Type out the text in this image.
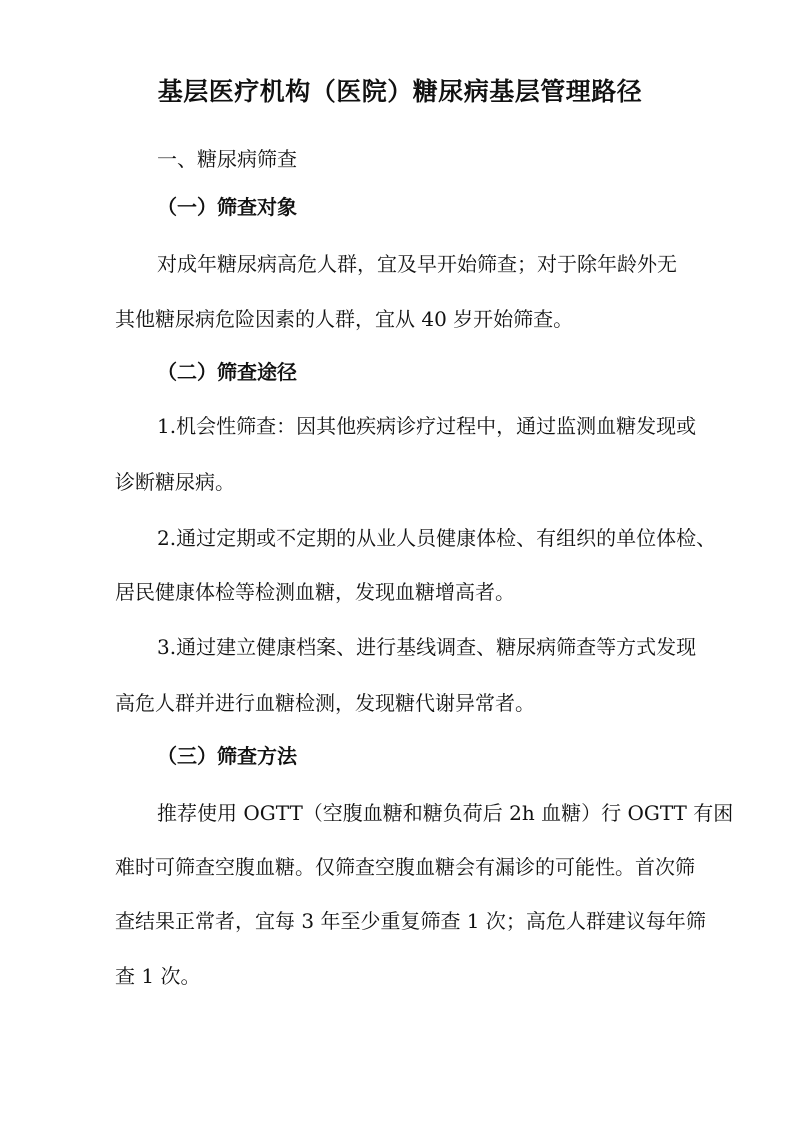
基层医疗机构（医院）糖尿病基层管理路径
一、糖尿病筛查
（一）筛查对象
对成年糖尿病高危人群，宜及早开始筛查；对于除年龄外无
其他糖尿病危险因素的人群，宜从 40 岁开始筛查。
（二）筛查途径
1.机会性筛查：因其他疾病诊疗过程中，通过监测血糖发现或
诊断糖尿病。
2.通过定期或不定期的从业人员健康体检、有组织的单位体检、
居民健康体检等检测血糖，发现血糖增高者。
3.通过建立健康档案、进行基线调查、糖尿病筛查等方式发现
高危人群并进行血糖检测，发现糖代谢异常者。
（三）筛查方法
推荐使用 OGTT（空腹血糖和糖负荷后 2h 血糖）行 OGTT 有困
难时可筛查空腹血糖。仅筛查空腹血糖会有漏诊的可能性。首次筛
查结果正常者，宜每 3 年至少重复筛查 1 次；高危人群建议每年筛
查 1 次。
